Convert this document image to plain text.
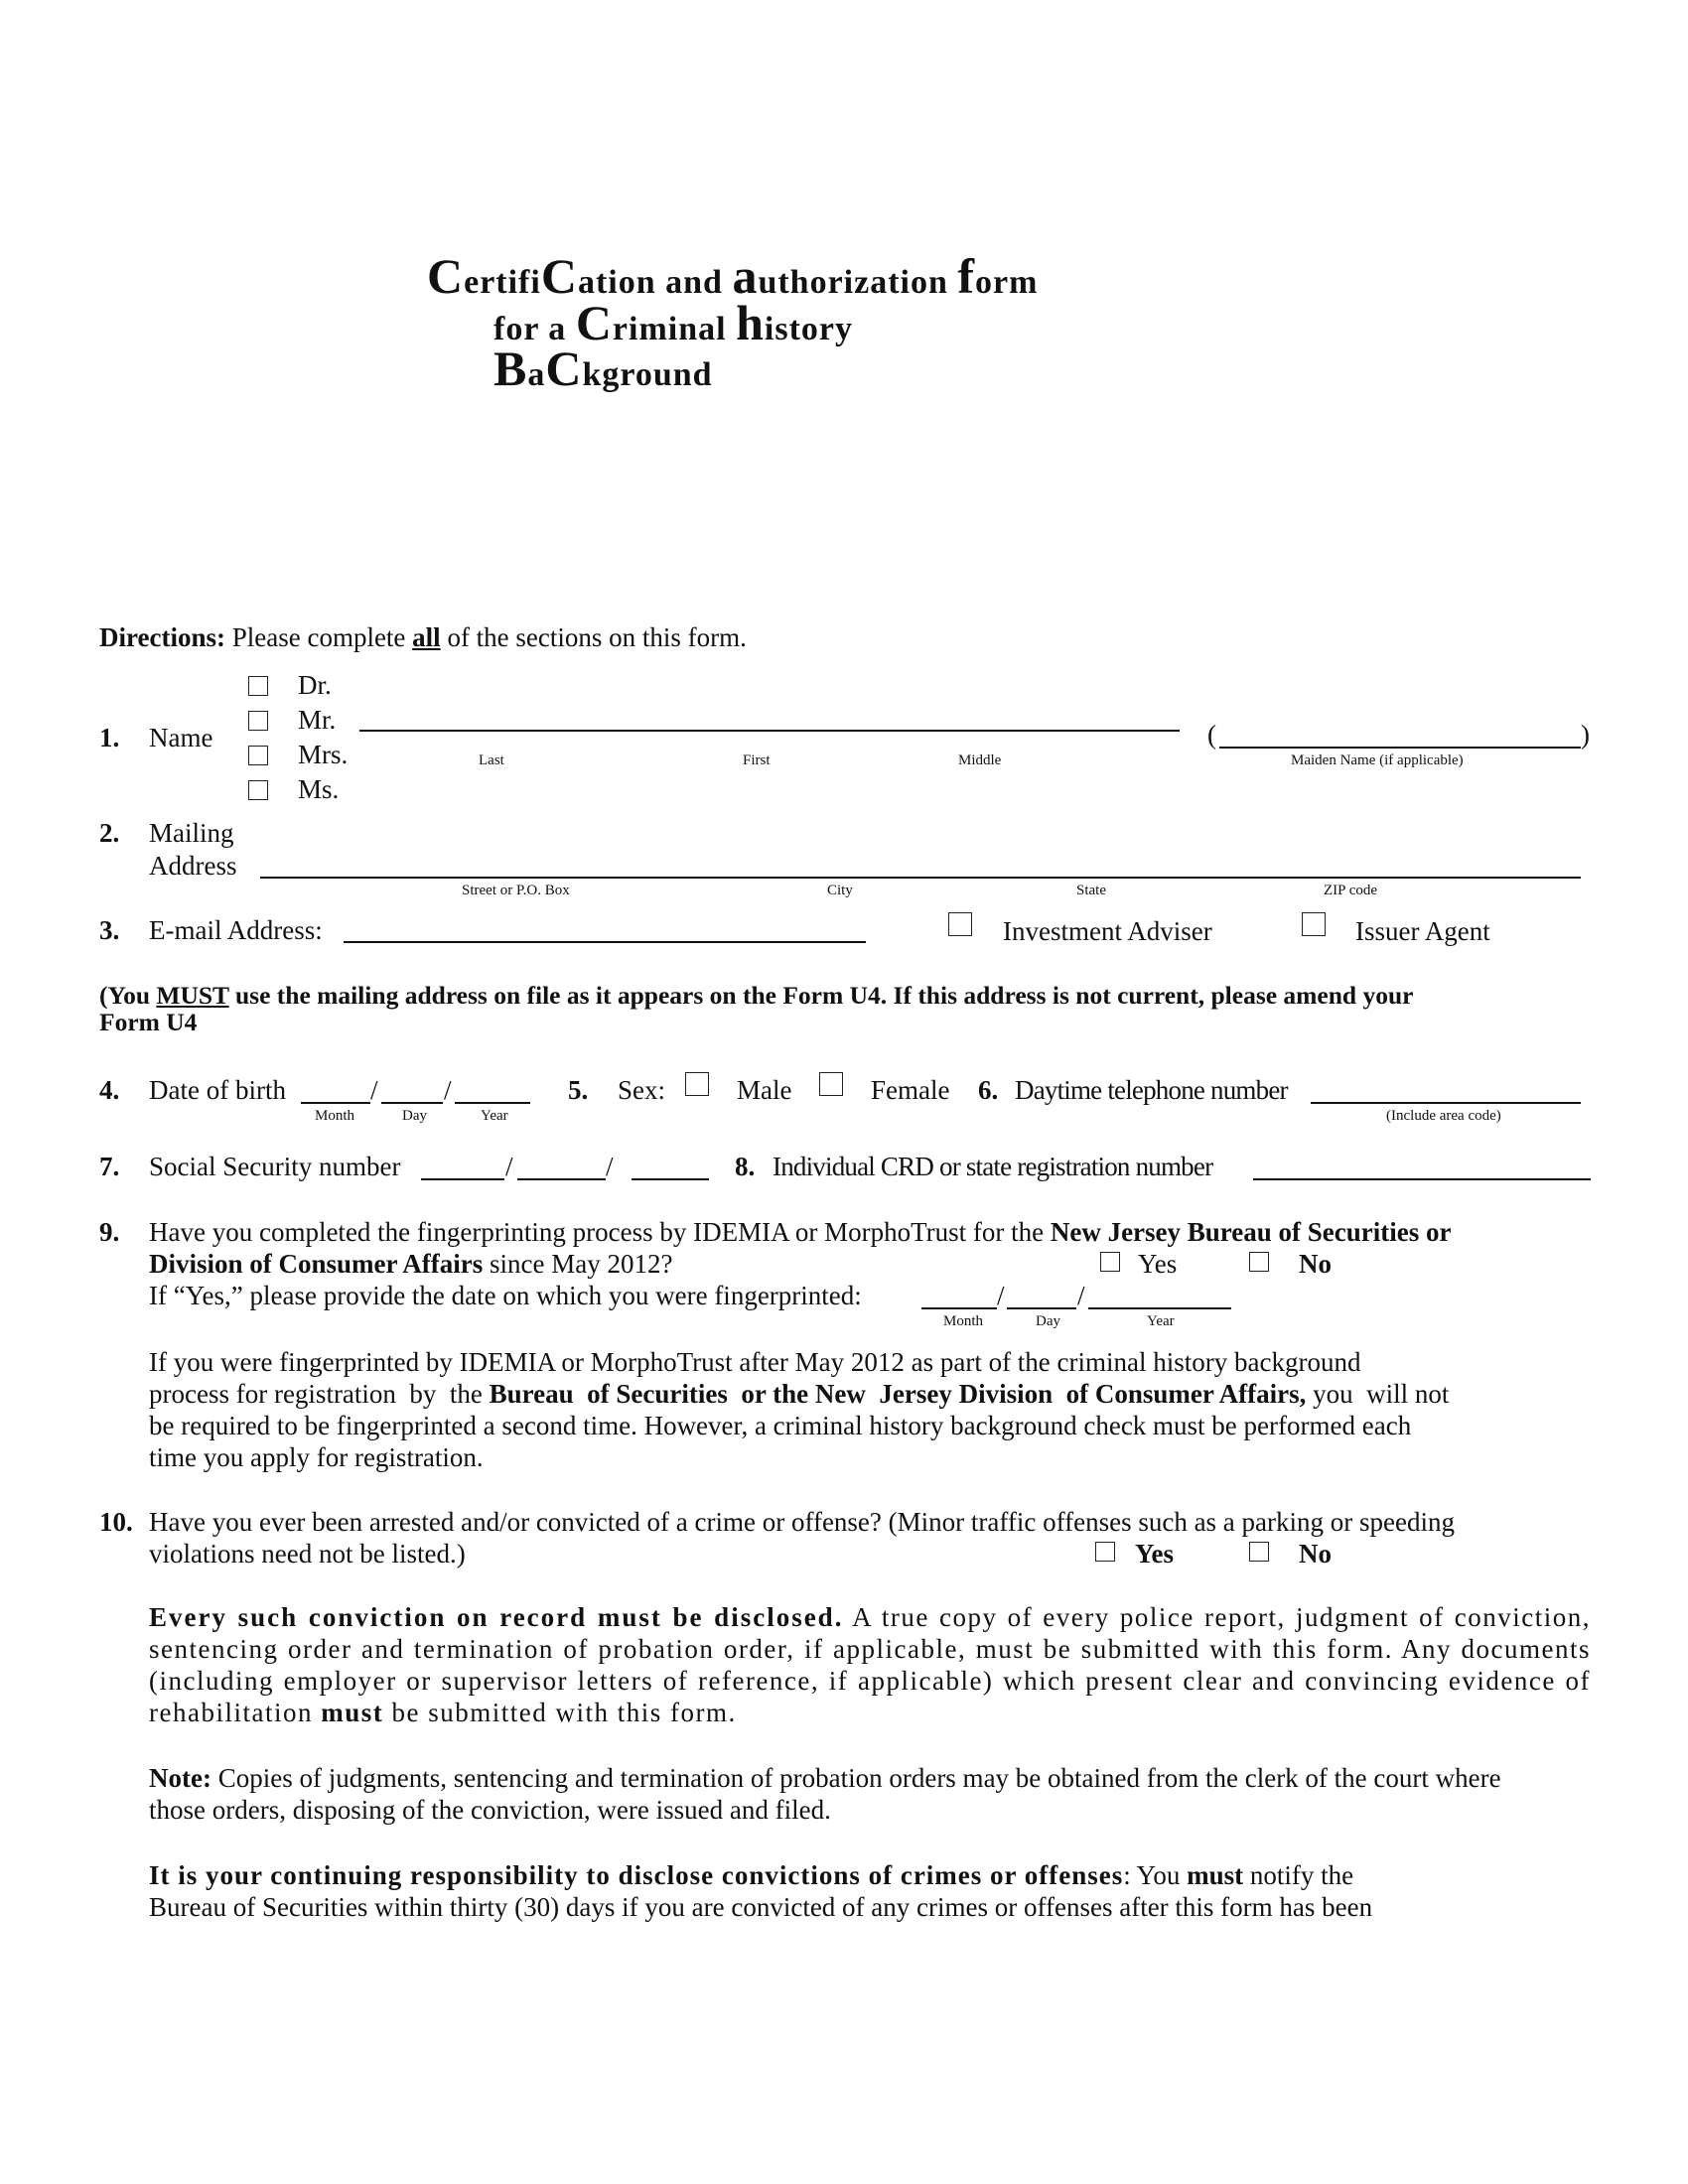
CertifiCation and authorization form
for a Criminal history
BaCkground
Directions: Please complete all of the sections on this form.
1. Name
Dr.
Mr.
Mrs.
Ms.
Last	First	Middle
(	)
Maiden Name (if applicable)
2. Mailing
Address
Street or P.O. Box	City	State	ZIP code
3. E-mail Address:	Investment Adviser	Issuer Agent
(You MUST use the mailing address on file as it appears on the Form U4. If this address is not current, please amend your
Form U4
4. Date of birth	/ /
Month	Day	Year
5. Sex:	Male	Female 6. Daytime telephone number
(Include area code)
7. Social Security number	/	/	8. Individual CRD or state registration number
9. Have you completed the fingerprinting process by IDEMIA or MorphoTrust for the New Jersey Bureau of Securities or
Division of Consumer Affairs since May 2012?	Yes	No
If “Yes,” please provide the date on which you were fingerprinted:	/	/
Month	Day	Year
If you were fingerprinted by IDEMIA or MorphoTrust after May 2012 as part of the criminal history background
process for registration  by  the Bureau  of Securities  or the New  Jersey Division  of Consumer Affairs, you  will not
be required to be fingerprinted a second time. However, a criminal history background check must be performed each
time you apply for registration.
10. Have you ever been arrested and/or convicted of a crime or offense? (Minor traffic offenses such as a parking or speeding
violations need not be listed.)	Yes	No
Every such conviction on record must be disclosed. A true copy of every police report, judgment of conviction, sentencing order and termination of probation order, if applicable, must be submitted with this form. Any documents (including employer or supervisor letters of reference, if applicable) which present clear and convincing evidence of rehabilitation must be submitted with this form.
Note: Copies of judgments, sentencing and termination of probation orders may be obtained from the clerk of the court where those orders, disposing of the conviction, were issued and filed.
It is your continuing responsibility to disclose convictions of crimes or offenses: You must notify the
Bureau of Securities within thirty (30) days if you are convicted of any crimes or offenses after this form has been
